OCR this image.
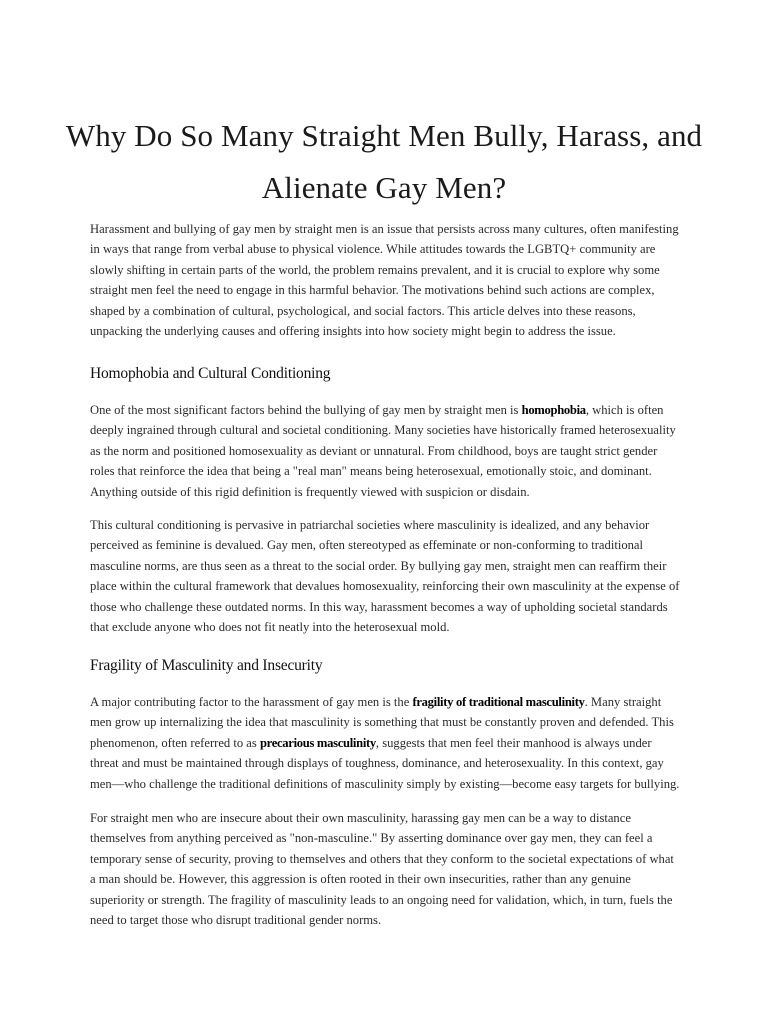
Why Do So Many Straight Men Bully, Harass, and Alienate Gay Men?

Harassment and bullying of gay men by straight men is an issue that persists across many cultures, often manifesting in ways that range from verbal abuse to physical violence. While attitudes towards the LGBTQ+ community are slowly shifting in certain parts of the world, the problem remains prevalent, and it is crucial to explore why some straight men feel the need to engage in this harmful behavior. The motivations behind such actions are complex, shaped by a combination of cultural, psychological, and social factors. This article delves into these reasons, unpacking the underlying causes and offering insights into how society might begin to address the issue.

Homophobia and Cultural Conditioning

One of the most significant factors behind the bullying of gay men by straight men is homophobia, which is often deeply ingrained through cultural and societal conditioning. Many societies have historically framed heterosexuality as the norm and positioned homosexuality as deviant or unnatural. From childhood, boys are taught strict gender roles that reinforce the idea that being a "real man" means being heterosexual, emotionally stoic, and dominant. Anything outside of this rigid definition is frequently viewed with suspicion or disdain.

This cultural conditioning is pervasive in patriarchal societies where masculinity is idealized, and any behavior perceived as feminine is devalued. Gay men, often stereotyped as effeminate or non-conforming to traditional masculine norms, are thus seen as a threat to the social order. By bullying gay men, straight men can reaffirm their place within the cultural framework that devalues homosexuality, reinforcing their own masculinity at the expense of those who challenge these outdated norms. In this way, harassment becomes a way of upholding societal standards that exclude anyone who does not fit neatly into the heterosexual mold.

Fragility of Masculinity and Insecurity

A major contributing factor to the harassment of gay men is the fragility of traditional masculinity. Many straight men grow up internalizing the idea that masculinity is something that must be constantly proven and defended. This phenomenon, often referred to as precarious masculinity, suggests that men feel their manhood is always under threat and must be maintained through displays of toughness, dominance, and heterosexuality. In this context, gay men—who challenge the traditional definitions of masculinity simply by existing—become easy targets for bullying.

For straight men who are insecure about their own masculinity, harassing gay men can be a way to distance themselves from anything perceived as "non-masculine." By asserting dominance over gay men, they can feel a temporary sense of security, proving to themselves and others that they conform to the societal expectations of what a man should be. However, this aggression is often rooted in their own insecurities, rather than any genuine superiority or strength. The fragility of masculinity leads to an ongoing need for validation, which, in turn, fuels the need to target those who disrupt traditional gender norms.
